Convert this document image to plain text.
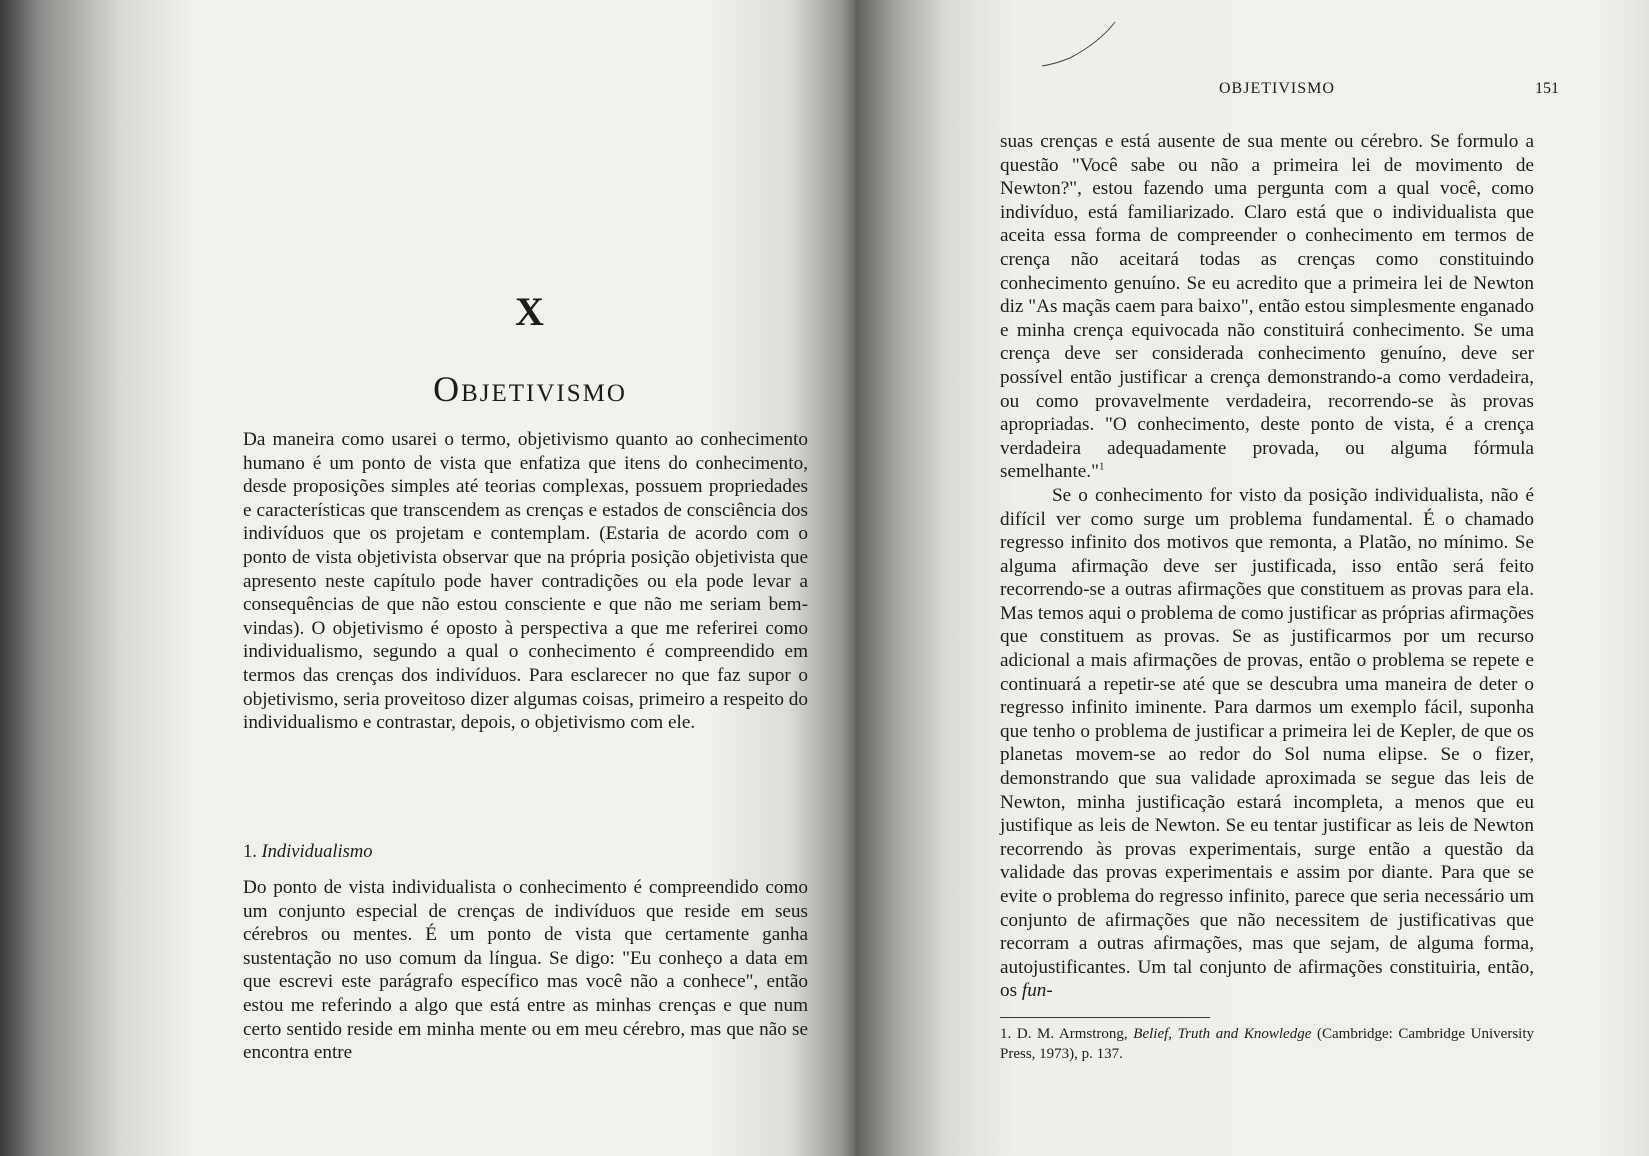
X
Objetivismo

Da maneira como usarei o termo, objetivismo quanto ao conhecimento humano é um ponto de vista que enfatiza que itens do conhecimento, desde proposições simples até teorias complexas, possuem propriedades e características que transcendem as crenças e estados de consciência dos indivíduos que os projetam e contemplam. (Estaria de acordo com o ponto de vista objetivista observar que na própria posição objetivista que apresento neste capítulo pode haver contradições ou ela pode levar a consequências de que não estou consciente e que não me seriam bem-vindas). O objetivismo é oposto à perspectiva a que me referirei como individualismo, segundo a qual o conhecimento é compreendido em termos das crenças dos indivíduos. Para esclarecer no que faz supor o objetivismo, seria proveitoso dizer algumas coisas, primeiro a respeito do individualismo e contrastar, depois, o objetivismo com ele.

1. Individualismo

Do ponto de vista individualista o conhecimento é compreendido como um conjunto especial de crenças de indivíduos que reside em seus cérebros ou mentes. É um ponto de vista que certamente ganha sustentação no uso comum da língua. Se digo: "Eu conheço a data em que escrevi este parágrafo específico mas você não a conhece", então estou me referindo a algo que está entre as minhas crenças e que num certo sentido reside em minha mente ou em meu cérebro, mas que não se encontra entre

OBJETIVISMO	151

suas crenças e está ausente de sua mente ou cérebro. Se formulo a questão "Você sabe ou não a primeira lei de movimento de Newton?", estou fazendo uma pergunta com a qual você, como indivíduo, está familiarizado. Claro está que o individualista que aceita essa forma de compreender o conhecimento em termos de crença não aceitará todas as crenças como constituindo conhecimento genuíno. Se eu acredito que a primeira lei de Newton diz "As maçãs caem para baixo", então estou simplesmente enganado e minha crença equivocada não constituirá conhecimento. Se uma crença deve ser considerada conhecimento genuíno, deve ser possível então justificar a crença demonstrando-a como verdadeira, ou como provavelmente verdadeira, recorrendo-se às provas apropriadas. "O conhecimento, deste ponto de vista, é a crença verdadeira adequadamente provada, ou alguma fórmula semelhante."$^1$

Se o conhecimento for visto da posição individualista, não é difícil ver como surge um problema fundamental. É o chamado regresso infinito dos motivos que remonta, a Platão, no mínimo. Se alguma afirmação deve ser justificada, isso então será feito recorrendo-se a outras afirmações que constituem as provas para ela. Mas temos aqui o problema de como justificar as próprias afirmações que constituem as provas. Se as justificarmos por um recurso adicional a mais afirmações de provas, então o problema se repete e continuará a repetir-se até que se descubra uma maneira de deter o regresso infinito iminente. Para darmos um exemplo fácil, suponha que tenho o problema de justificar a primeira lei de Kepler, de que os planetas movem-se ao redor do Sol numa elipse. Se o fizer, demonstrando que sua validade aproximada se segue das leis de Newton, minha justificação estará incompleta, a menos que eu justifique as leis de Newton. Se eu tentar justificar as leis de Newton recorrendo às provas experimentais, surge então a questão da validade das provas experimentais e assim por diante. Para que se evite o problema do regresso infinito, parece que seria necessário um conjunto de afirmações que não necessitem de justificativas que recorram a outras afirmações, mas que sejam, de alguma forma, autojustificantes. Um tal conjunto de afirmações constituiria, então, os fun-

1. D. M. Armstrong, Belief, Truth and Knowledge (Cambridge: Cambridge University Press, 1973), p. 137.
